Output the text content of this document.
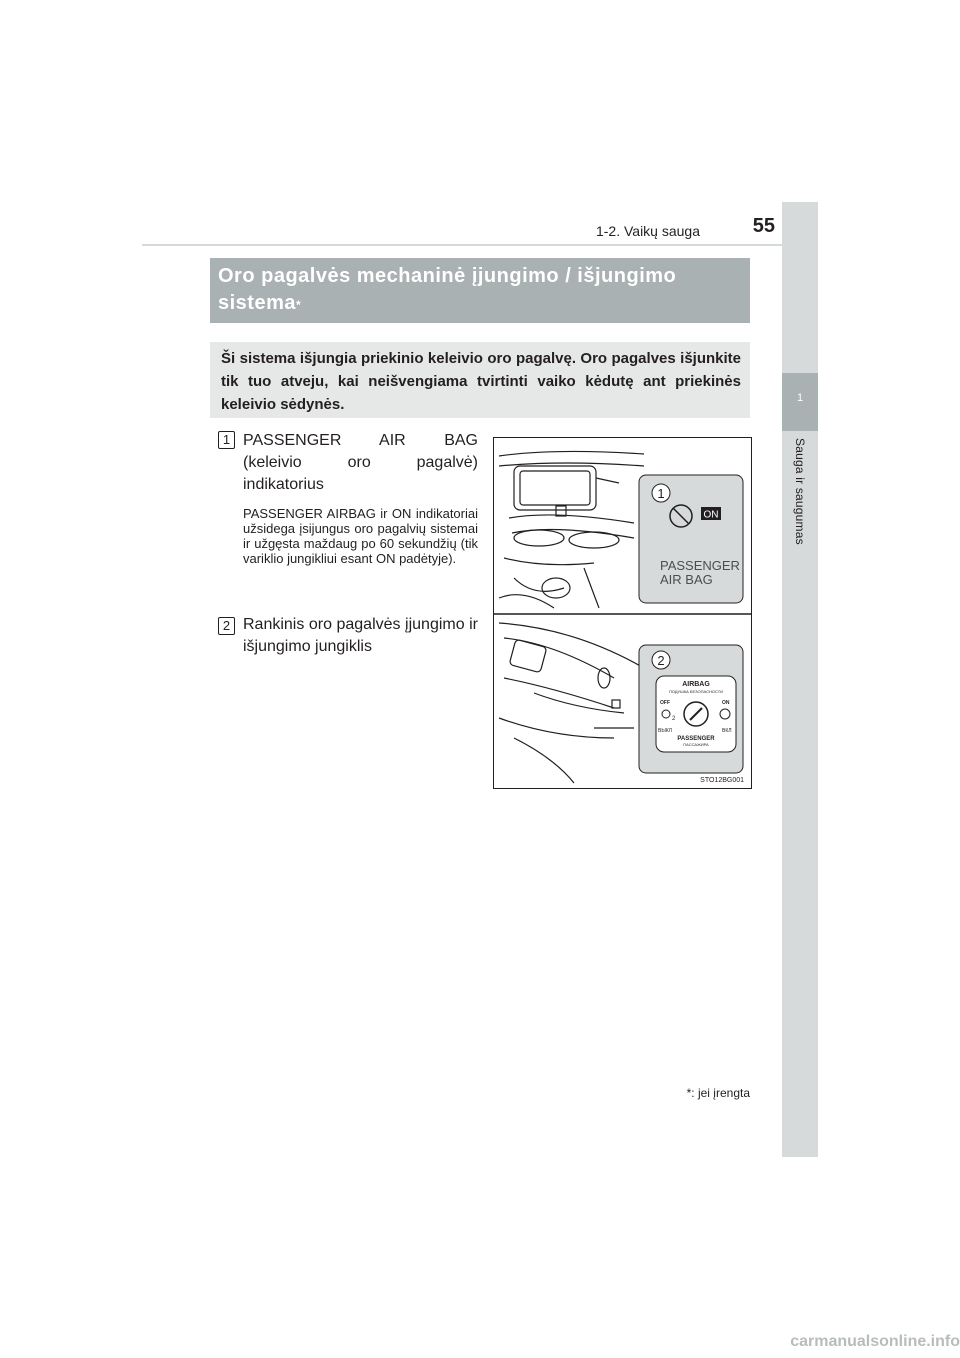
1
Sauga ir saugumas
1-2. Vaikų sauga	55
Oro pagalvės mechaninė įjungimo / išjungimo sistema*
Ši sistema išjungia priekinio keleivio oro pagalvę. Oro pagalves išjunkite tik tuo atveju, kai neišvengiama tvirtinti vaiko kėdutę ant priekinės keleivio sėdynės.
1 PASSENGER AIR BAG
(keleivio oro pagalvė)
indikatorius
PASSENGER AIRBAG ir ON indikatoriai užsidega įsijungus oro pagalvių sistemai ir užgęsta maždaug po 60 sekundžių (tik variklio jungikliui esant ON padėtyje).
2 Rankinis oro pagalvės įjungimo ir išjungimo jungiklis
1
ON
PASSENGER
AIR BAG
2
AIRBAG
ПОДУШКА БЕЗОПАСНОСТИ
OFF	ON
2
ВЫКЛ	ВКЛ
PASSENGER
ПАССАЖИРА
STO12BG001
*: jei įrengta
carmanualsonline.info
